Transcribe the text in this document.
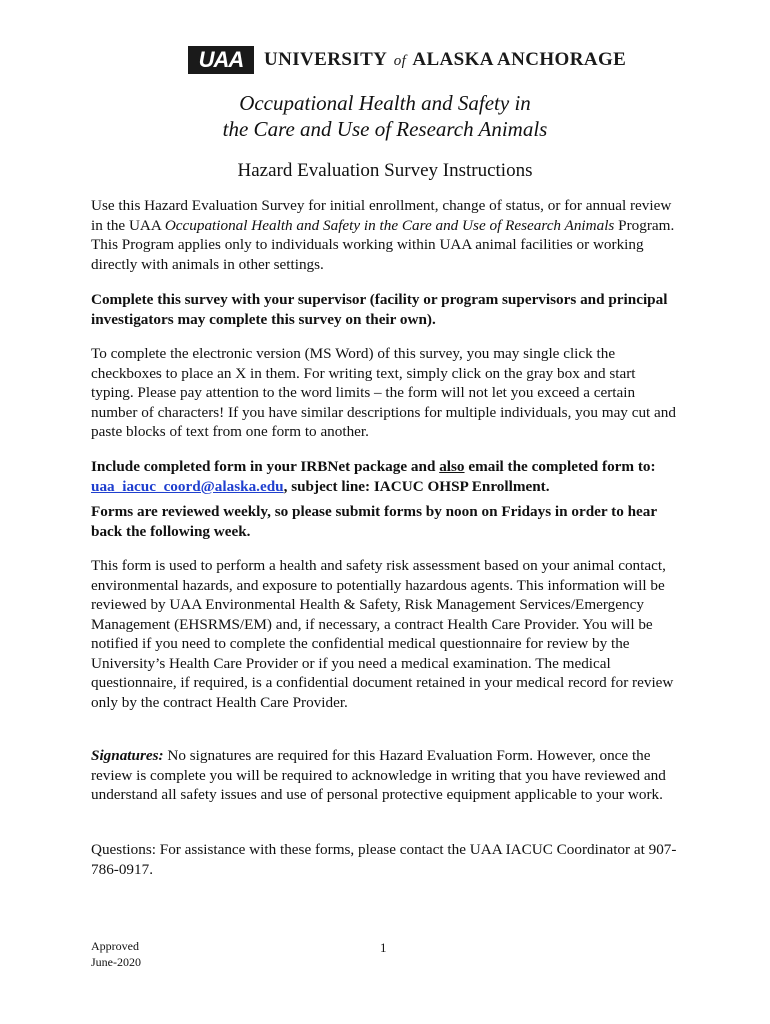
UAA	UNIVERSITY of ALASKA ANCHORAGE
Occupational Health and Safety in
the Care and Use of Research Animals
Hazard Evaluation Survey Instructions

Use this Hazard Evaluation Survey for initial enrollment, change of status, or for annual review in the UAA Occupational Health and Safety in the Care and Use of Research Animals Program. This Program applies only to individuals working within UAA animal facilities or working directly with animals in other settings.

Complete this survey with your supervisor (facility or program supervisors and principal investigators may complete this survey on their own).

To complete the electronic version (MS Word) of this survey, you may single click the checkboxes to place an X in them. For writing text, simply click on the gray box and start typing. Please pay attention to the word limits – the form will not let you exceed a certain number of characters! If you have similar descriptions for multiple individuals, you may cut and paste blocks of text from one form to another.

Include completed form in your IRBNet package and also email the completed form to: uaa_iacuc_coord@alaska.edu, subject line: IACUC OHSP Enrollment.

Forms are reviewed weekly, so please submit forms by noon on Fridays in order to hear back the following week.

This form is used to perform a health and safety risk assessment based on your animal contact, environmental hazards, and exposure to potentially hazardous agents. This information will be reviewed by UAA Environmental Health & Safety, Risk Management Services/Emergency Management (EHSRMS/EM) and, if necessary, a contract Health Care Provider. You will be notified if you need to complete the confidential medical questionnaire for review by the University’s Health Care Provider or if you need a medical examination. The medical questionnaire, if required, is a confidential document retained in your medical record for review only by the contract Health Care Provider.

Signatures: No signatures are required for this Hazard Evaluation Form. However, once the review is complete you will be required to acknowledge in writing that you have reviewed and understand all safety issues and use of personal protective equipment applicable to your work.

Questions: For assistance with these forms, please contact the UAA IACUC Coordinator at 907-786-0917.

Approved
June-2020
1
